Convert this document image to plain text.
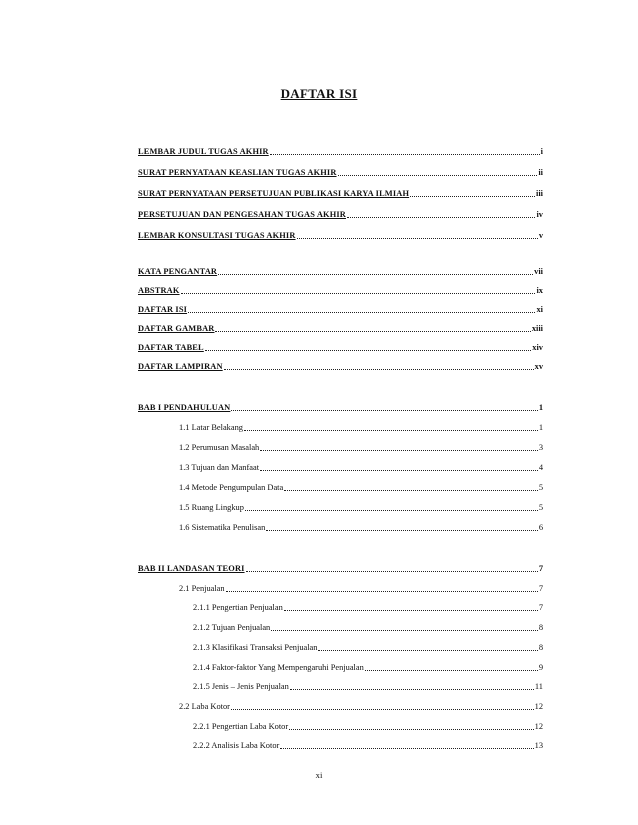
DAFTAR ISI
LEMBAR JUDUL TUGAS AKHIR	i
SURAT PERNYATAAN KEASLIAN TUGAS AKHIR	ii
SURAT PERNYATAAN PERSETUJUAN PUBLIKASI KARYA ILMIAH	iii
PERSETUJUAN DAN PENGESAHAN TUGAS AKHIR	iv
LEMBAR KONSULTASI TUGAS AKHIR	v
KATA PENGANTAR	vii
ABSTRAK	ix
DAFTAR ISI	xi
DAFTAR GAMBAR	xiii
DAFTAR TABEL	xiv
DAFTAR LAMPIRAN	xv
BAB I PENDAHULUAN	1
1.1 Latar Belakang	1
1.2 Perumusan Masalah	3
1.3 Tujuan dan Manfaat	4
1.4 Metode Pengumpulan Data	5
1.5 Ruang Lingkup	5
1.6 Sistematika Penulisan	6
BAB II LANDASAN TEORI	7
2.1 Penjualan	7
2.1.1 Pengertian Penjualan	7
2.1.2 Tujuan Penjualan	8
2.1.3 Klasifikasi Transaksi Penjualan	8
2.1.4 Faktor-faktor Yang Mempengaruhi Penjualan	9
2.1.5 Jenis – Jenis Penjualan	11
2.2 Laba Kotor	12
2.2.1 Pengertian Laba Kotor	12
2.2.2 Analisis Laba Kotor	13
xi
